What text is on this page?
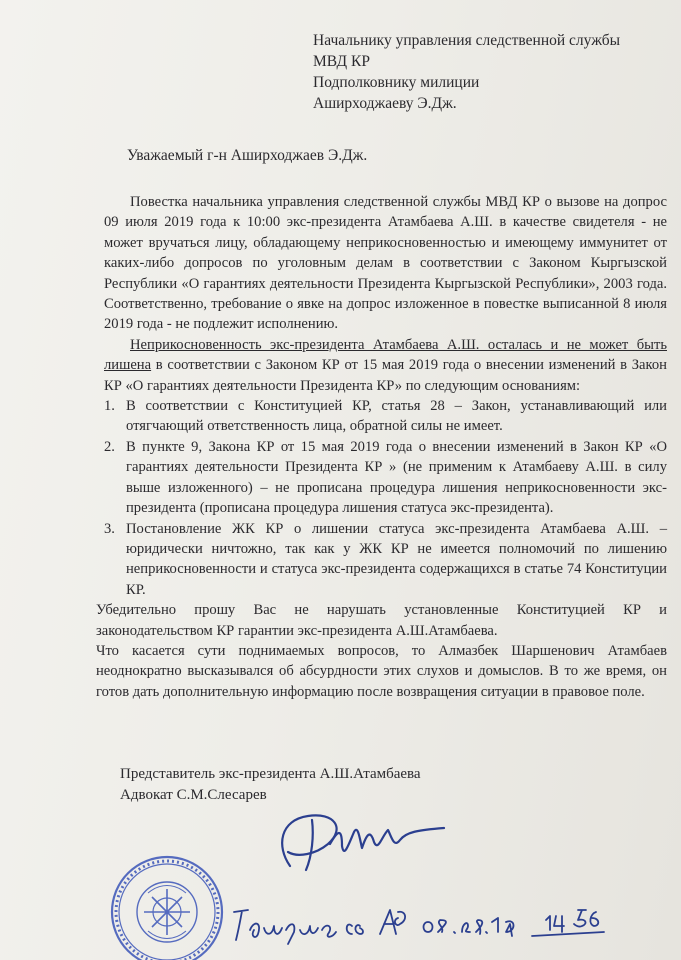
Начальнику управления следственной службы
МВД КР
Подполковнику милиции
Аширходжаеву Э.Дж.
Уважаемый г-н Аширходжаев Э.Дж.

Повестка начальника управления следственной службы МВД КР о вызове на допрос 09 июля 2019 года к 10:00 экс-президента Атамбаева А.Ш. в качестве свидетеля - не может вручаться лицу, обладающему неприкосновенностью и имеющему иммунитет от каких-либо допросов по уголовным делам в соответствии с Законом Кыргызской Республики «О гарантиях деятельности Президента Кыргызской Республики», 2003 года. Соответственно, требование о явке на допрос изложенное в повестке выписанной 8 июля 2019 года - не подлежит исполнению.

Неприкосновенность экс-президента Атамбаева А.Ш. осталась и не может быть лишена в соответствии с Законом КР от 15 мая 2019 года о внесении изменений в Закон КР «О гарантиях деятельности Президента КР» по следующим основаниям:

1. В соответствии с Конституцией КР, статья 28 – Закон, устанавливающий или отягчающий ответственность лица, обратной силы не имеет.
2. В пункте 9, Закона КР от 15 мая 2019 года о внесении изменений в Закон КР «О гарантиях деятельности Президента КР » (не применим к Атамбаеву А.Ш. в силу выше изложенного) – не прописана процедура лишения неприкосновенности экс-президента (прописана процедура лишения статуса экс-президента).
3. Постановление ЖК КР о лишении статуса экс-президента Атамбаева А.Ш. – юридически ничтожно, так как у ЖК КР не имеется полномочий по лишению неприкосновенности и статуса экс-президента содержащихся в статье 74 Конституции КР.

Убедительно прошу Вас не нарушать установленные Конституцией КР и законодательством КР гарантии экс-президента А.Ш.Атамбаева.

Что касается сути поднимаемых вопросов, то Алмазбек Шаршенович Атамбаев неоднократно высказывался об абсурдности этих слухов и домыслов. В то же время, он готов дать дополнительную информацию после возвращения ситуации в правовое поле.

Представитель экс-президента А.Ш.Атамбаева
Адвокат С.М.Слесарев
